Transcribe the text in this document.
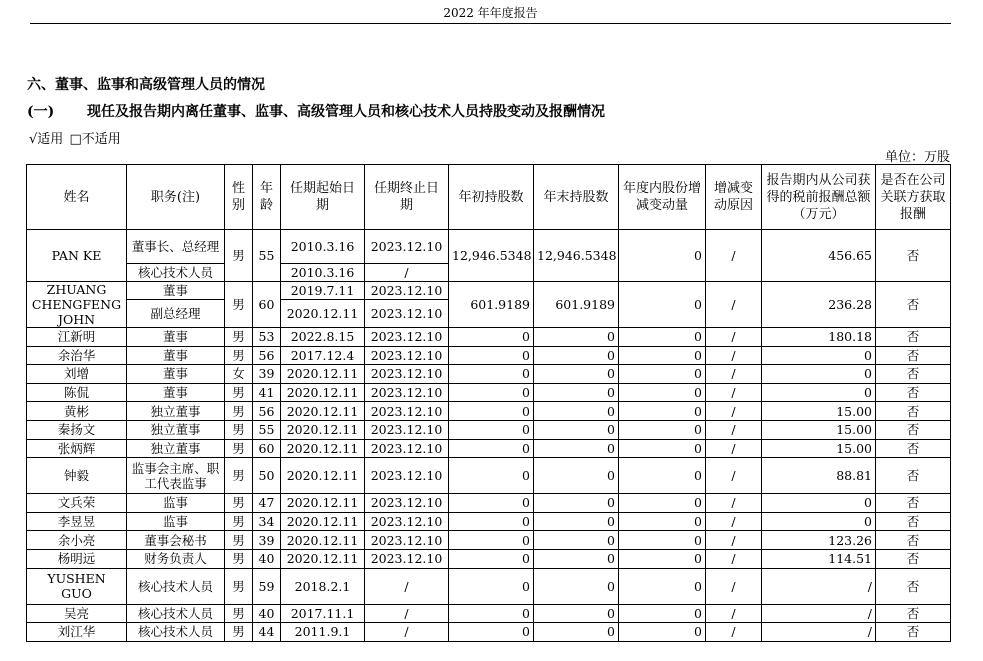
2022 年年度报告
六、董事、监事和高级管理人员的情况
(一) 现任及报告期内离任董事、监事、高级管理人员和核心技术人员持股变动及报酬情况
√适用 □不适用
单位：万股
姓名	职务(注)	性别	年龄	任期起始日期	任期终止日期	年初持股数	年末持股数	年度内股份增减变动量	增减变动原因	报告期内从公司获得的税前报酬总额（万元）	是否在公司关联方获取报酬
PAN KE	董事长、总经理	男	55	2010.3.16	2023.12.10	12,946.5348	12,946.5348	0	/	456.65	否
	核心技术人员			2010.3.16	/						
ZHUANG CHENGFENG JOHN	董事	男	60	2019.7.11	2023.12.10	601.9189	601.9189	0	/	236.28	否
	副总经理			2020.12.11	2023.12.10						
江新明	董事	男	53	2022.8.15	2023.12.10	0	0	0	/	180.18	否
余治华	董事	男	56	2017.12.4	2023.12.10	0	0	0	/	0	否
刘增	董事	女	39	2020.12.11	2023.12.10	0	0	0	/	0	否
陈侃	董事	男	41	2020.12.11	2023.12.10	0	0	0	/	0	否
黄彬	独立董事	男	56	2020.12.11	2023.12.10	0	0	0	/	15.00	否
秦扬文	独立董事	男	55	2020.12.11	2023.12.10	0	0	0	/	15.00	否
张炳辉	独立董事	男	60	2020.12.11	2023.12.10	0	0	0	/	15.00	否
钟毅	监事会主席、职工代表监事	男	50	2020.12.11	2023.12.10	0	0	0	/	88.81	否
文兵荣	监事	男	47	2020.12.11	2023.12.10	0	0	0	/	0	否
李昱昱	监事	男	34	2020.12.11	2023.12.10	0	0	0	/	0	否
余小亮	董事会秘书	男	39	2020.12.11	2023.12.10	0	0	0	/	123.26	否
杨明远	财务负责人	男	40	2020.12.11	2023.12.10	0	0	0	/	114.51	否
YUSHEN GUO	核心技术人员	男	59	2018.2.1	/	0	0	0	/	/	否
吴亮	核心技术人员	男	40	2017.11.1	/	0	0	0	/	/	否
刘江华	核心技术人员	男	44	2011.9.1	/	0	0	0	/	/	否
